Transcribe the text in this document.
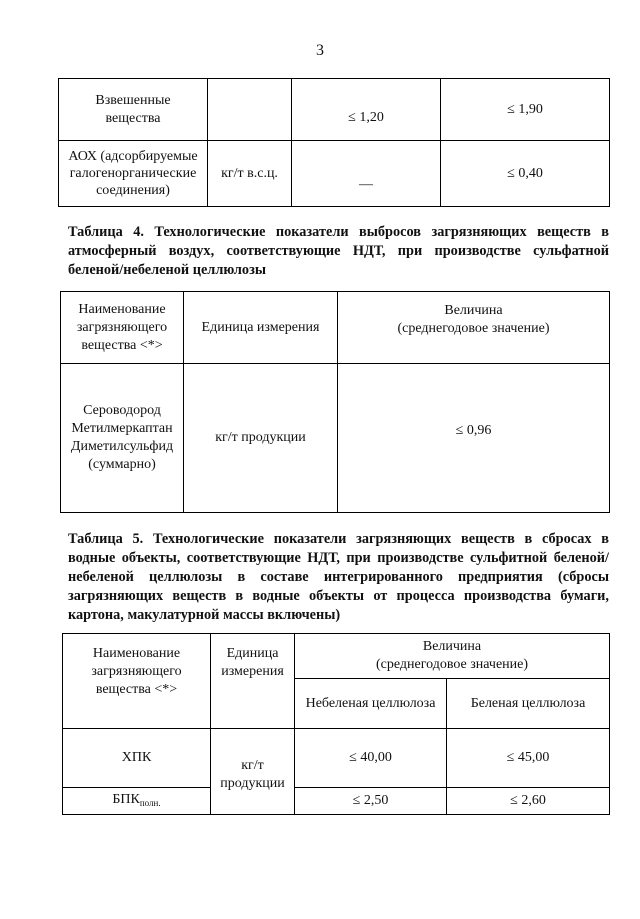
3
Взвешенные вещества		≤ 1,20	≤ 1,90

АОХ (адсорбируемые галогенорганические соединения)	кг/т в.с.ц.	—	≤ 0,40
Таблица 4. Технологические показатели выбросов загрязняющих веществ в атмосферный воздух, соответствующие НДТ, при производстве сульфатной беленой/небеленой целлюлозы
Наименование загрязняющего вещества <*>	Единица измерения	Величина
(среднегодовое значение)

Сероводород
Метилмеркаптан
Диметилсульфид
(суммарно)	кг/т продукции	≤ 0,96
Таблица 5. Технологические показатели загрязняющих веществ в сбросах в водные объекты, соответствующие НДТ, при производстве сульфитной беленой/небеленой целлюлозы в составе интегрированного предприятия (сбросы загрязняющих веществ в водные объекты от процесса производства бумаги, картона, макулатурной массы включены)
Наименование загрязняющего вещества <*>	Единица измерения	Величина
(среднегодовое значение)	

		Небеленая целлюлоза	Беленая целлюлоза
ХПК	кг/т продукции	≤ 40,00	≤ 45,00
$БПК_{полн.}$		≤ 2,50	≤ 2,60
